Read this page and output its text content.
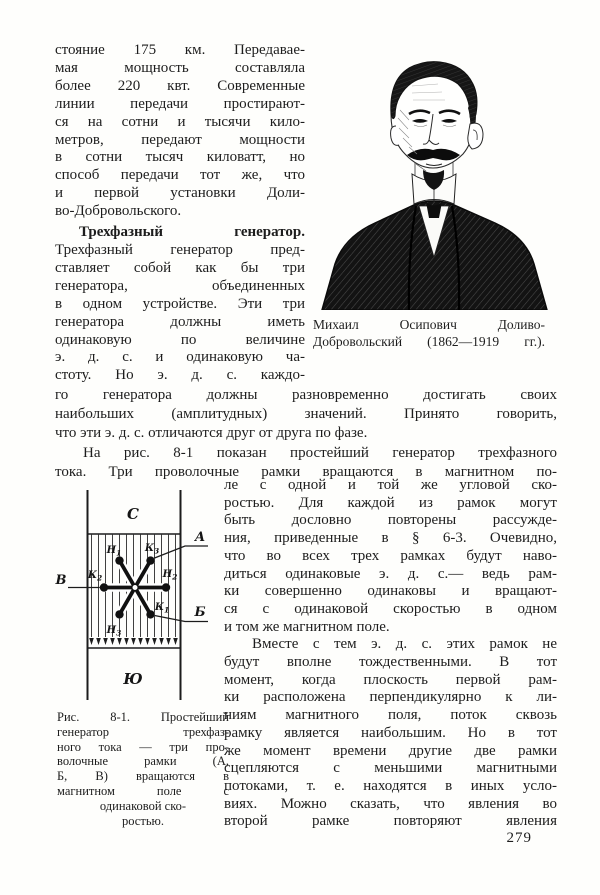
стояние 175 км. Передавае-
мая мощность составляла
более 220 квт. Современные
линии передачи простирают-
ся на сотни и тысячи кило-
метров, передают мощности
в сотни тысяч киловатт, но
способ передачи тот же, что
и первой установки Доли-
во-Добровольского.
Трехфазный генератор.
Трехфазный генератор пред-
ставляет собой как бы три
генератора, объединенных
в одном устройстве. Эти три
генератора должны иметь
одинаковую по величине
э. д. с. и одинаковую ча-
стоту. Но э. д. с. каждо-
Михаил Осипович Доливо-
Добровольский (1862—1919 гг.).
го генератора должны разновременно достигать своих
наибольших (амплитудных) значений. Принято говорить,
что эти э. д. с. отличаются друг от друга по фазе.
На рис. 8-1 показан простейший генератор трехфазного
тока. Три проволочные рамки вращаются в магнитном по-
С
Ю
А
Б
В
$Н_1$ $К_3$
$К_2$	$Н_2$
$Н_3$
$К_1$
Рис. 8-1. Простейший
генератор трехфаз-
ного тока — три про-
волочные рамки (А,
Б, В) вращаются в
магнитном поле с
одинаковой ско-
ростью.
ле с одной и той же угловой ско-
ростью. Для каждой из рамок могут
быть дословно повторены рассужде-
ния, приведенные в § 6-3. Очевидно,
что во всех трех рамках будут наво-
диться одинаковые э. д. с.— ведь рам-
ки совершенно одинаковы и вращают-
ся с одинаковой скоростью в одном
и том же магнитном поле.
Вместе с тем э. д. с. этих рамок не
будут вполне тождественными. В тот
момент, когда плоскость первой рам-
ки расположена перпендикулярно к ли-
ниям магнитного поля, поток сквозь
рамку является наибольшим. Но в тот
же момент времени другие две рамки
сцепляются с меньшими магнитными
потоками, т. е. находятся в иных усло-
виях. Можно сказать, что явления во
второй рамке повторяют явления
279
